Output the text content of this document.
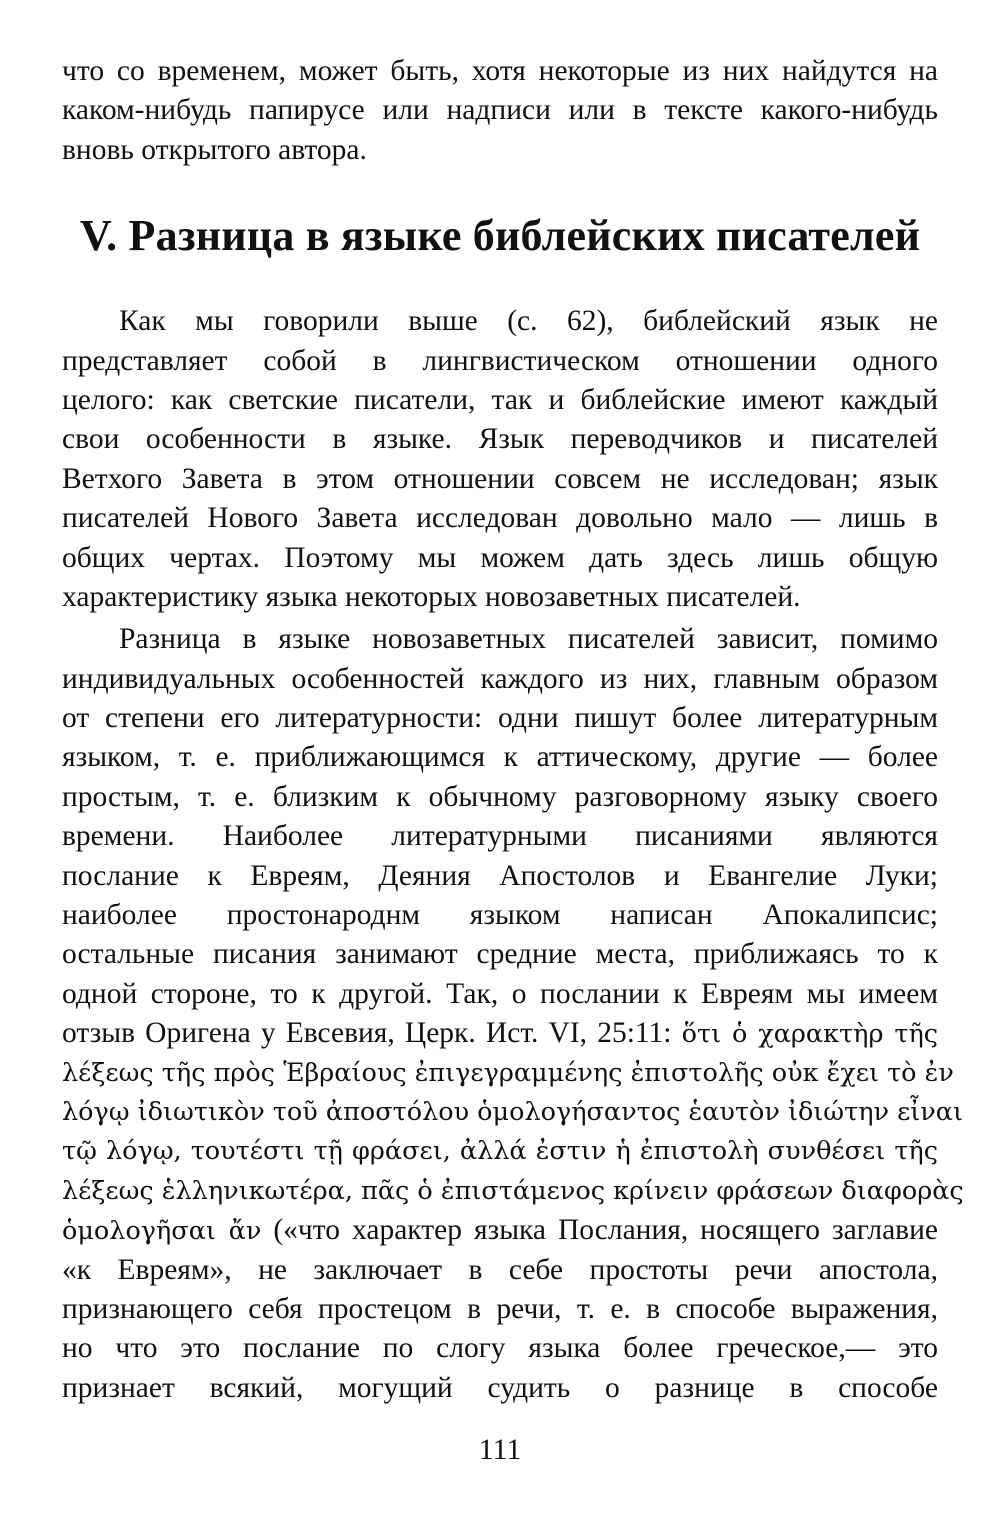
что со временем, может быть, хотя некоторые из них найдутся на
каком-нибудь папирусе или надписи или в тексте какого-нибудь
вновь открытого автора.
V. Разница в языке библейских писателей
Как мы говорили выше (с. 62), библейский язык не
представляет собой в лингвистическом отношении одного
целого: как светские писатели, так и библейские имеют каждый
свои особенности в языке. Язык переводчиков и писателей
Ветхого Завета в этом отношении совсем не исследован; язык
писателей Нового Завета исследован довольно мало — лишь в
общих чертах. Поэтому мы можем дать здесь лишь общую
характеристику языка некоторых новозаветных писателей.
Разница в языке новозаветных писателей зависит, помимо
индивидуальных особенностей каждого из них, главным образом
от степени его литературности: одни пишут более литературным
языком, т. е. приближающимся к аттическому, другие — более
простым, т. е. близким к обычному разговорному языку своего
времени. Наиболее литературными писаниями являются
послание к Евреям, Деяния Апостолов и Евангелие Луки;
наиболее простонароднм языком написан Апокалипсис;
остальные писания занимают средние места, приближаясь то к
одной стороне, то к другой. Так, о послании к Евреям мы имеем
отзыв Оригена у Евсевия, Церк. Ист. VI, 25:11: ὅτι ὁ χαρακτὴρ τῆς
λέξεως τῆς πρὸς Ἑβραίους ἐπιγεγραμμένης ἐπιστολῆς οὐκ ἔχει τὸ ἐν
λόγῳ ἰδιωτικὸν τοῦ ἀποστόλου ὁμολογήσαντος ἑαυτὸν ἰδιώτην εἶναι
τῷ λόγῳ, τουτέστι τῇ φράσει, ἀλλά ἐστιν ἡ ἐπιστολὴ συνθέσει τῆς
λέξεως ἑλληνικωτέρα, πᾶς ὁ ἐπιστάμενος κρίνειν φράσεων διαφορὰς
ὁμολογῆσαι ἄν («что характер языка Послания, носящего заглавие
«к Евреям», не заключает в себе простоты речи апостола,
признающего себя простецом в речи, т. е. в способе выражения,
но что это послание по слогу языка более греческое,— это
признает всякий, могущий судить о разнице в способе
111
